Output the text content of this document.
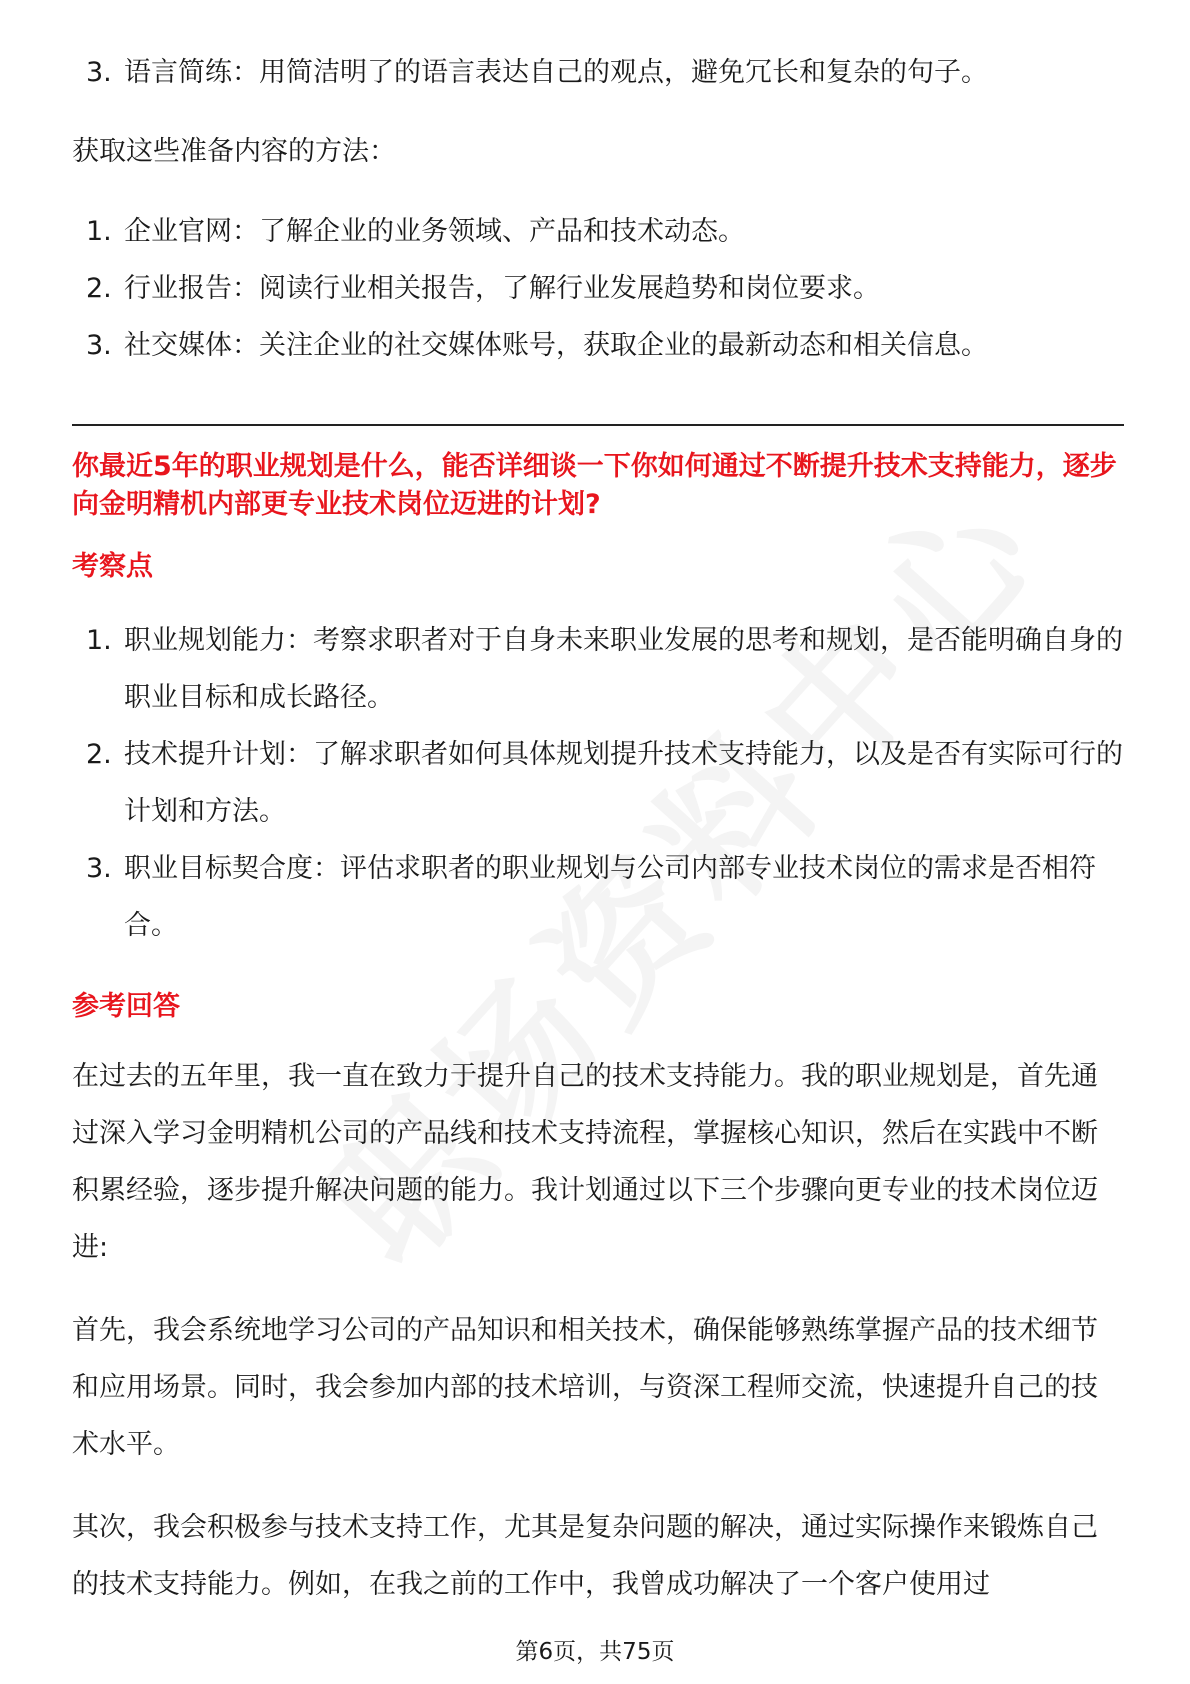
3. 语言简练：用简洁明了的语言表达自己的观点，避免冗长和复杂的句子。

获取这些准备内容的方法：

1. 企业官网：了解企业的业务领域、产品和技术动态。
2. 行业报告：阅读行业相关报告，了解行业发展趋势和岗位要求。
3. 社交媒体：关注企业的社交媒体账号，获取企业的最新动态和相关信息。

你最近5年的职业规划是什么，能否详细谈一下你如何通过不断提升技术支持能力，逐步向金明精机内部更专业技术岗位迈进的计划?

考察点

1. 职业规划能力：考察求职者对于自身未来职业发展的思考和规划，是否能明确自身的职业目标和成长路径。
2. 技术提升计划：了解求职者如何具体规划提升技术支持能力，以及是否有实际可行的计划和方法。
3. 职业目标契合度：评估求职者的职业规划与公司内部专业技术岗位的需求是否相符合。

参考回答

在过去的五年里，我一直在致力于提升自己的技术支持能力。我的职业规划是，首先通过深入学习金明精机公司的产品线和技术支持流程，掌握核心知识，然后在实践中不断积累经验，逐步提升解决问题的能力。我计划通过以下三个步骤向更专业的技术岗位迈进:

首先，我会系统地学习公司的产品知识和相关技术，确保能够熟练掌握产品的技术细节和应用场景。同时，我会参加内部的技术培训，与资深工程师交流，快速提升自己的技术水平。

其次，我会积极参与技术支持工作，尤其是复杂问题的解决，通过实际操作来锻炼自己的技术支持能力。例如，在我之前的工作中，我曾成功解决了一个客户使用过

第6页，共75页
